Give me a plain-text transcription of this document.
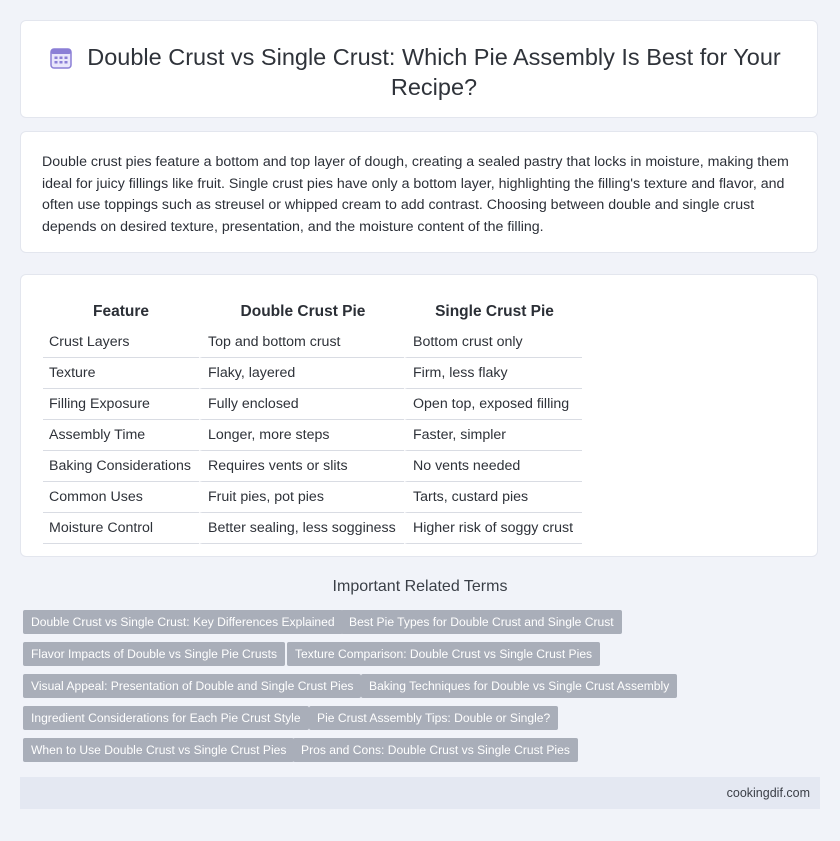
Double Crust vs Single Crust: Which Pie Assembly Is Best for Your Recipe?

Double crust pies feature a bottom and top layer of dough, creating a sealed pastry that locks in moisture, making them ideal for juicy fillings like fruit. Single crust pies have only a bottom layer, highlighting the filling's texture and flavor, and often use toppings such as streusel or whipped cream to add contrast. Choosing between double and single crust depends on desired texture, presentation, and the moisture content of the filling.

Feature	Double Crust Pie	Single Crust Pie
Crust Layers	Top and bottom crust	Bottom crust only
Texture	Flaky, layered	Firm, less flaky
Filling Exposure	Fully enclosed	Open top, exposed filling
Assembly Time	Longer, more steps	Faster, simpler
Baking Considerations	Requires vents or slits	No vents needed
Common Uses	Fruit pies, pot pies	Tarts, custard pies
Moisture Control	Better sealing, less sogginess	Higher risk of soggy crust
Important Related Terms
Double Crust vs Single Crust: Key Differences Explained	Best Pie Types for Double Crust and Single Crust
Flavor Impacts of Double vs Single Pie Crusts	Texture Comparison: Double Crust vs Single Crust Pies
Visual Appeal: Presentation of Double and Single Crust Pies	Baking Techniques for Double vs Single Crust Assembly
Ingredient Considerations for Each Pie Crust Style	Pie Crust Assembly Tips: Double or Single?
When to Use Double Crust vs Single Crust Pies	Pros and Cons: Double Crust vs Single Crust Pies
cookingdif.com
